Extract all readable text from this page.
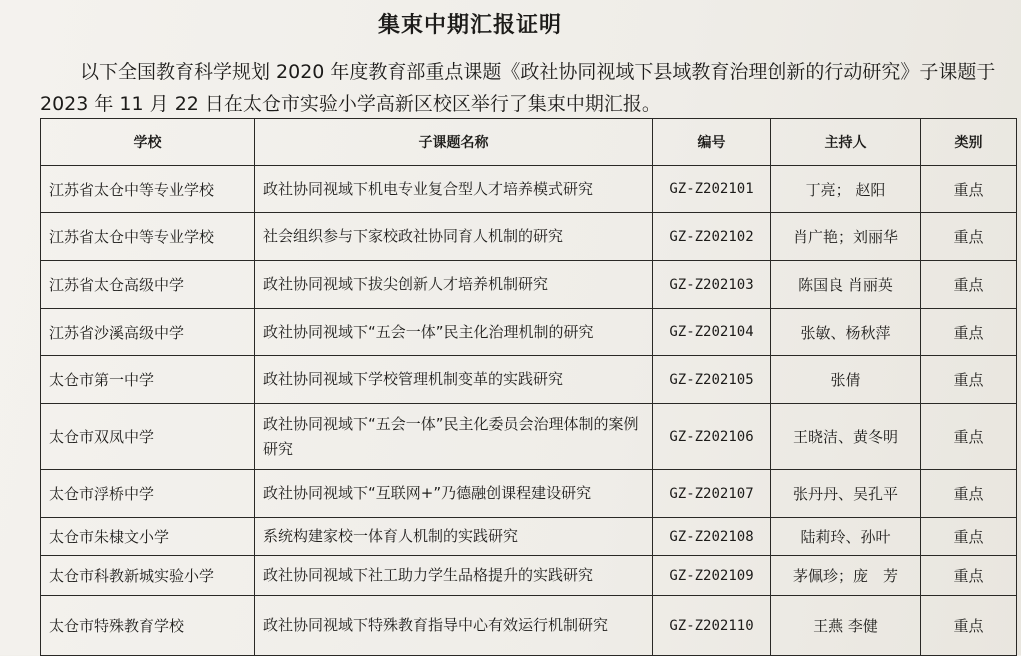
集束中期汇报证明
以下全国教育科学规划 2020 年度教育部重点课题《政社协同视域下县域教育治理创新的行动研究》子课题于 2023 年 11 月 22 日在太仓市实验小学高新区校区举行了集束中期汇报。
学校	子课题名称	编号	主持人	类别
江苏省太仓中等专业学校	政社协同视域下机电专业复合型人才培养模式研究	GZ-Z202101	丁亮； 赵阳	重点
江苏省太仓中等专业学校	社会组织参与下家校政社协同育人机制的研究	GZ-Z202102	肖广艳；刘丽华	重点
江苏省太仓高级中学	政社协同视域下拔尖创新人才培养机制研究	GZ-Z202103	陈国良 肖丽英	重点
江苏省沙溪高级中学	政社协同视域下“五会一体”民主化治理机制的研究	GZ-Z202104	张敏、杨秋萍	重点
太仓市第一中学	政社协同视域下学校管理机制变革的实践研究	GZ-Z202105	张倩	重点
太仓市双凤中学	政社协同视域下“五会一体”民主化委员会治理体制的案例研究	GZ-Z202106	王晓洁、黄冬明	重点
太仓市浮桥中学	政社协同视域下“互联网+”乃德融创课程建设研究	GZ-Z202107	张丹丹、吴孔平	重点
太仓市朱棣文小学	系统构建家校一体育人机制的实践研究	GZ-Z202108	陆莉玲、孙叶	重点
太仓市科教新城实验小学	政社协同视域下社工助力学生品格提升的实践研究	GZ-Z202109	茅佩珍；庞　芳	重点
太仓市特殊教育学校	政社协同视域下特殊教育指导中心有效运行机制研究	GZ-Z202110	王燕 李健	重点
